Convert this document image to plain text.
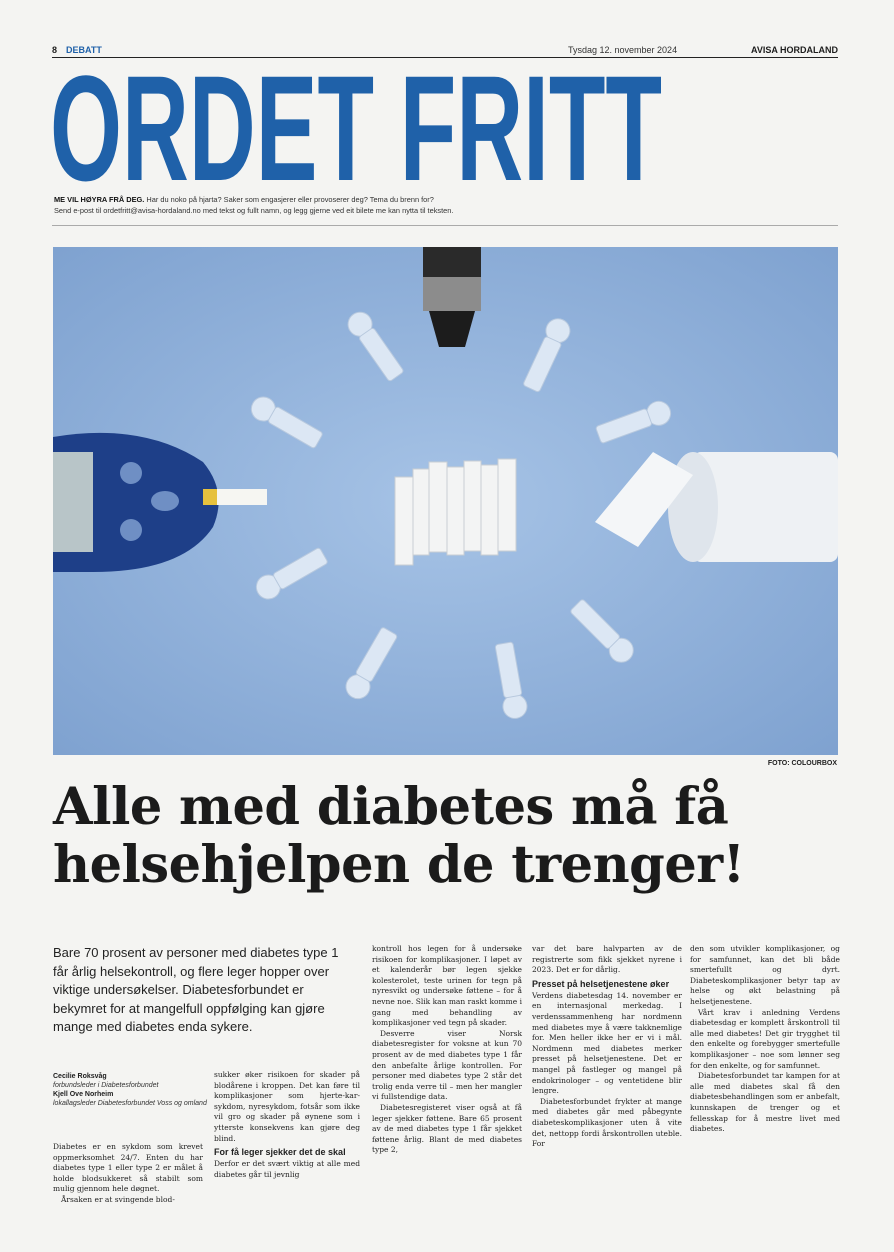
8 DEBATT	Tysdag 12. november 2024	AVISA HORDALAND
ORDET FRITT
ME VIL HØYRA FRÅ DEG. Har du noko på hjarta? Saker som engasjerer eller provoserer deg? Tema du brenn for?
Send e-post til ordetfritt@avisa-hordaland.no med tekst og fullt namn, og legg gjerne ved eit bilete me kan nytta til teksten.
FOTO: COLOURBOX
Alle med diabetes må få
helsehjelpen de trenger!

Bare 70 prosent av personer med diabetes type 1 får årlig helsekontroll, og flere leger hopper over viktige undersøkelser. Diabetesforbundet er bekymret for at mangelfull oppfølging kan gjøre mange med diabetes enda sykere.

Cecilie Roksvåg
forbundsleder i Diabetesforbundet
Kjell Ove Norheim
lokallagsleder Diabetesforbundet Voss og omland

Diabetes er en sykdom som krevet oppmerksomhet 24/7. Enten du har diabetes type 1 eller type 2 er målet å holde blodsukkeret så stabilt som mulig gjennom hele døgnet.

Årsaken er at svingende blod-

sukker øker risikoen for skader på blodårene i kroppen. Det kan føre til komplikasjoner som hjerte-kar-sykdom, nyresykdom, fotsår som ikke vil gro og skader på øynene som i ytterste konsekvens kan gjøre deg blind.

For få leger sjekker det de skal

Derfor er det svært viktig at alle med diabetes går til jevnlig

kontroll hos legen for å undersøke risikoen for komplikasjoner. I løpet av et kalenderår bør legen sjekke kolesterolet, teste urinen for tegn på nyresvikt og undersøke føttene – for å nevne noe. Slik kan man raskt komme i gang med behandling av komplikasjoner ved tegn på skader.

Desverre viser Norsk diabetesregister for voksne at kun 70 prosent av de med diabetes type 1 får den anbefalte årlige kontrollen. For personer med diabetes type 2 står det trolig enda verre til – men her mangler vi fullstendige data.

Diabetesregisteret viser også at få leger sjekker føttene. Bare 65 prosent av de med diabetes type 1 får sjekket føttene årlig. Blant de med diabetes type 2,

var det bare halvparten av de registrerte som fikk sjekket nyrene i 2023. Det er for dårlig.

Presset på helsetjenestene øker

Verdens diabetesdag 14. november er en internasjonal merkedag. I verdenssammenheng har nordmenn med diabetes mye å være takknemlige for. Men heller ikke her er vi i mål. Nordmenn med diabetes merker presset på helsetjenestene. Det er mangel på fastleger og mangel på endokrinologer – og ventetidene blir lengre.

Diabetesforbundet frykter at mange med diabetes går med påbegynte diabeteskomplikasjoner uten å vite det, nettopp fordi årskontrollen uteble. For

den som utvikler komplikasjoner, og for samfunnet, kan det bli både smertefullt og dyrt. Diabeteskomplikasjoner betyr tap av helse og økt belastning på helsetjenestene.

Vårt krav i anledning Verdens diabetesdag er komplett årskontroll til alle med diabetes! Det gir trygghet til den enkelte og forebygger smertefulle komplikasjoner – noe som lønner seg for den enkelte, og for samfunnet.

Diabetesforbundet tar kampen for at alle med diabetes skal få den diabetesbehandlingen som er anbefalt, kunnskapen de trenger og et fellesskap for å mestre livet med diabetes.
